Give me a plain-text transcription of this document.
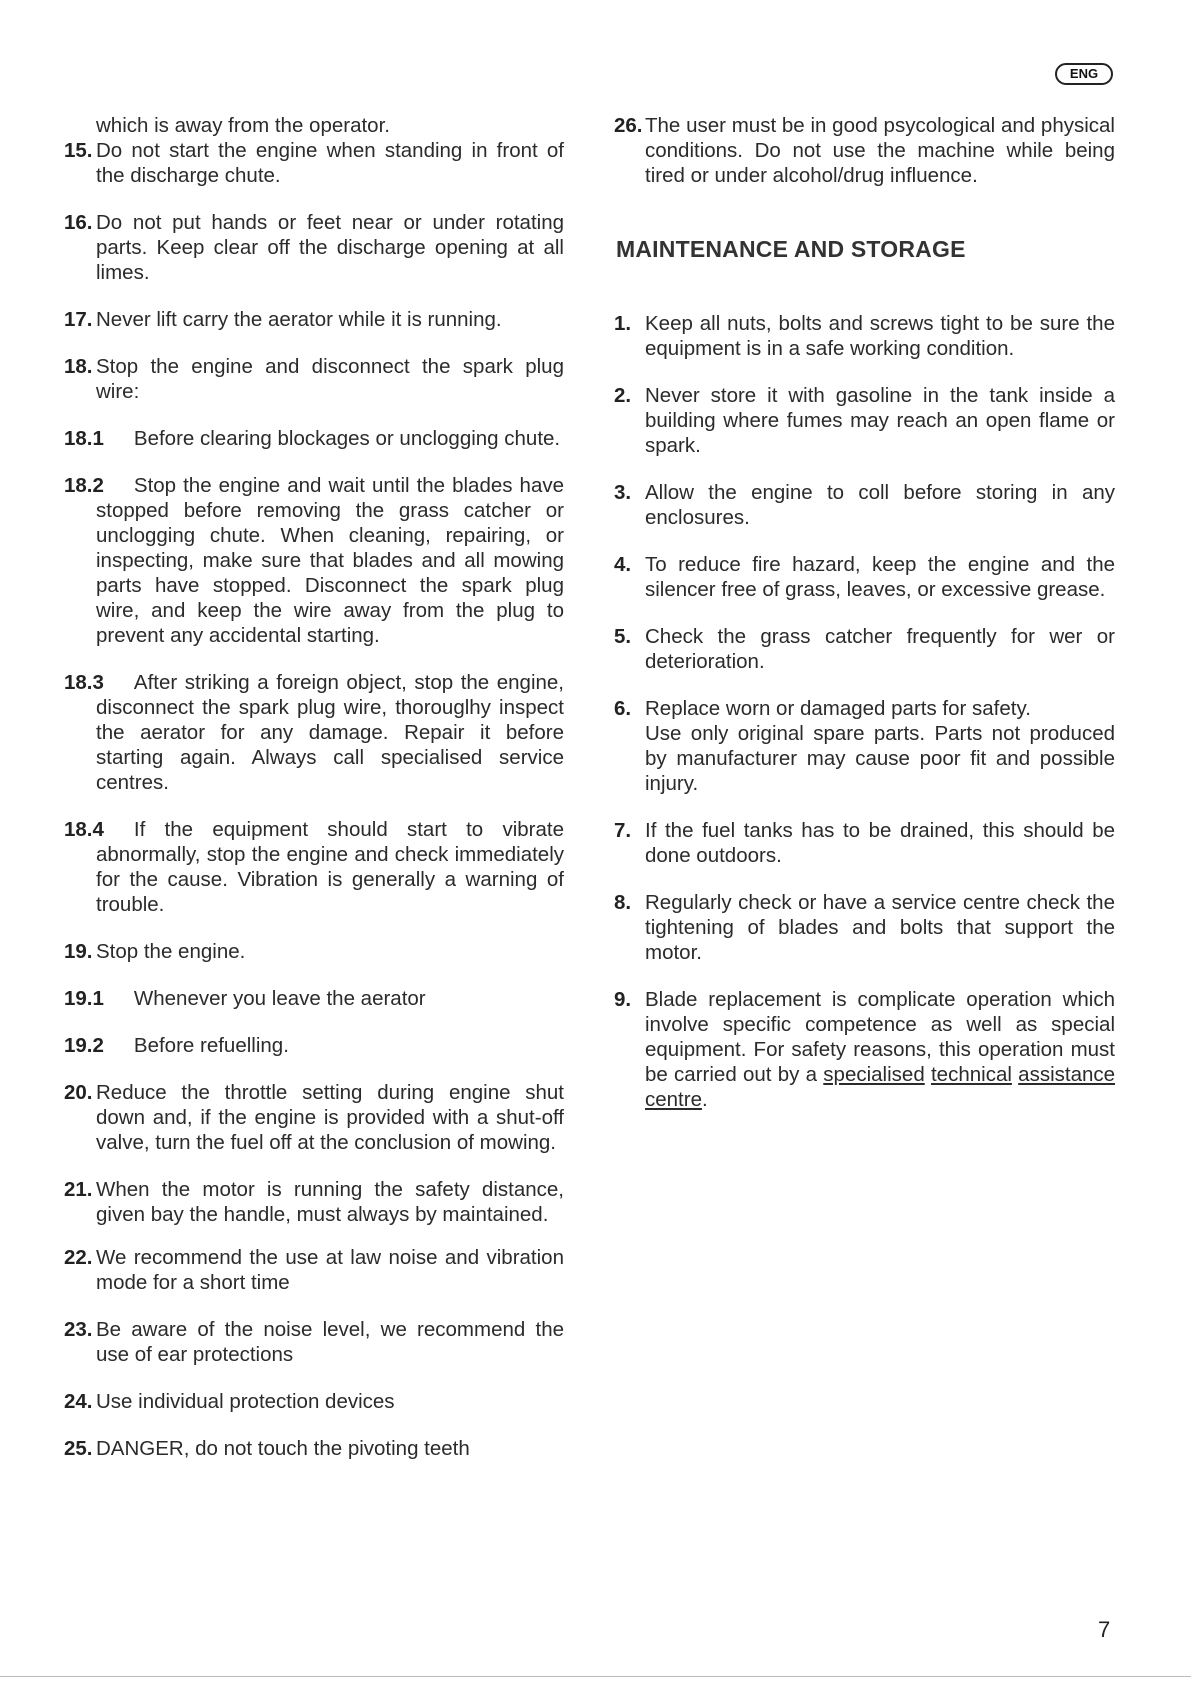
ENG
which is away from the operator.
15. Do not start the engine when standing in front of the discharge chute.
16. Do not put hands or feet near or under rotating parts. Keep clear off the discharge opening at all limes.
17. Never lift carry the aerator while it is running.
18. Stop the engine and disconnect the spark plug wire:
18.1 Before clearing blockages or unclogging chute.
18.2 Stop the engine and wait until the blades have stopped before removing the grass catcher or unclogging chute. When cleaning, repairing, or inspecting, make sure that blades and all mowing parts have stopped. Disconnect the spark plug wire, and keep the wire away from the plug to prevent any accidental starting.
18.3 After striking a foreign object, stop the engine, disconnect the spark plug wire, thorouglhy inspect the aerator for any damage. Repair it before starting again. Always call specialised service centres.
18.4 If the equipment should start to vibrate abnormally, stop the engine and check immediately for the cause. Vibration is generally a warning of trouble.
19. Stop the engine.
19.1 Whenever you leave the aerator
19.2 Before refuelling.
20. Reduce the throttle setting during engine shut down and, if the engine is provided with a shut-off valve, turn the fuel off at the conclusion of mowing.
21. When the motor is running the safety distance, given bay the handle, must always by maintained.
22. We recommend the use at law noise and vibration mode for a short time
23. Be aware of the noise level, we recommend the use of ear protections
24. Use individual protection devices
25. DANGER, do not touch the pivoting teeth
26. The user must be in good psycological and physical conditions. Do not use the machine while being tired or under alcohol/drug influence.
MAINTENANCE AND STORAGE
1. Keep all nuts, bolts and screws tight to be sure the equipment is in a safe working condition.
2. Never store it with gasoline in the tank inside a building where fumes may reach an open flame or spark.
3. Allow the engine to coll before storing in any enclosures.
4. To reduce fire hazard, keep the engine and the silencer free of grass, leaves, or excessive grease.
5. Check the grass catcher frequently for wer or deterioration.
6. Replace worn or damaged parts for safety.
Use only original spare parts. Parts not produced by manufacturer may cause poor fit and possible injury.
7. If the fuel tanks has to be drained, this should be done outdoors.
8. Regularly check or have a service centre check the tightening of blades and bolts that support the motor.
9. Blade replacement is complicate operation which involve specific competence as well as special equipment. For safety reasons, this operation must be carried out by a specialised technical assistance centre.
7
